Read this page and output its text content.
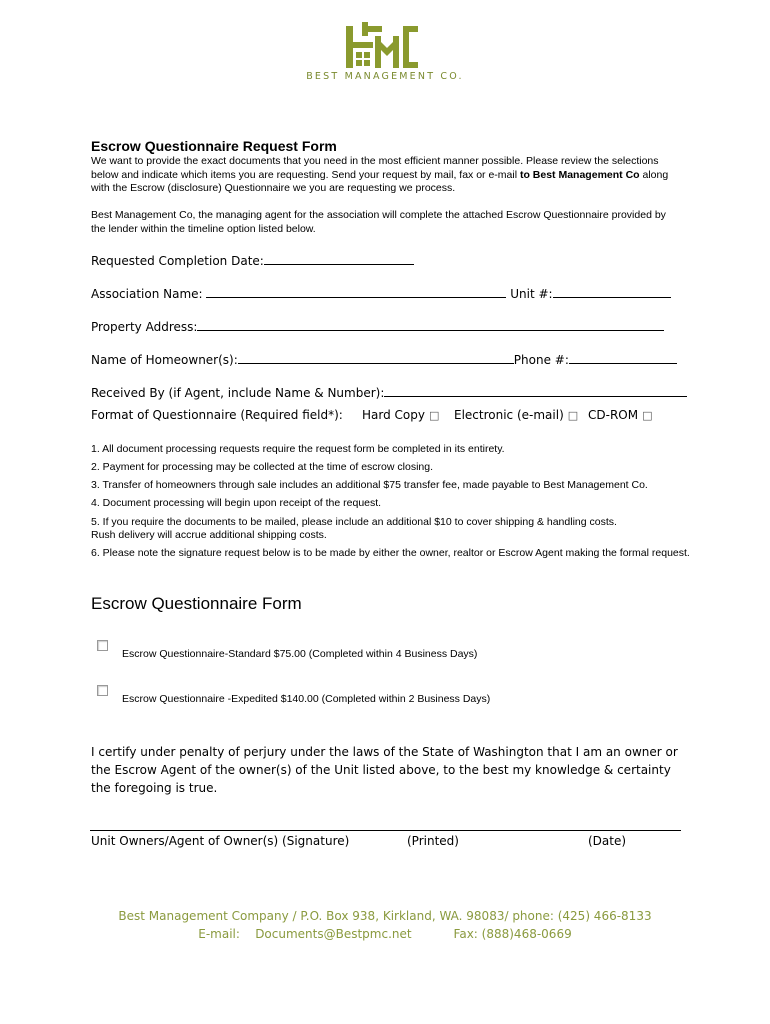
BEST MANAGEMENT CO.
Escrow Questionnaire Request Form
We want to provide the exact documents that you need in the most efficient manner possible. Please review the selections below and indicate which items you are requesting. Send your request by mail, fax or e-mail to Best Management Co along with the Escrow (disclosure) Questionnaire we you are requesting we process.
Best Management Co, the managing agent for the association will complete the attached Escrow Questionnaire provided by the lender within the timeline option listed below.
Requested Completion Date:
Association Name:	Unit #:
Property Address:
Name of Homeowner(s):	Phone #:
Received By (if Agent, include Name & Number):
Format of Questionnaire (Required field*): Hard Copy □ Electronic (e-mail) □ CD-ROM □
1. All document processing requests require the request form be completed in its entirety.
2. Payment for processing may be collected at the time of escrow closing.
3. Transfer of homeowners through sale includes an additional $75 transfer fee, made payable to Best Management Co.
4. Document processing will begin upon receipt of the request.
5. If you require the documents to be mailed, please include an additional $10 to cover shipping & handling costs.
Rush delivery will accrue additional shipping costs.
6. Please note the signature request below is to be made by either the owner, realtor or Escrow Agent making the formal request.
Escrow Questionnaire Form
Escrow Questionnaire-Standard $75.00 (Completed within 4 Business Days)
Escrow Questionnaire -Expedited $140.00 (Completed within 2 Business Days)
I certify under penalty of perjury under the laws of the State of Washington that I am an owner or the Escrow Agent of the owner(s) of the Unit listed above, to the best my knowledge & certainty the foregoing is true.
Unit Owners/Agent of Owner(s) (Signature)	(Printed)	(Date)
Best Management Company / P.O. Box 938, Kirkland, WA. 98083/ phone: (425) 466-8133
E-mail:    Documents@Bestpmc.net           Fax: (888)468-0669
